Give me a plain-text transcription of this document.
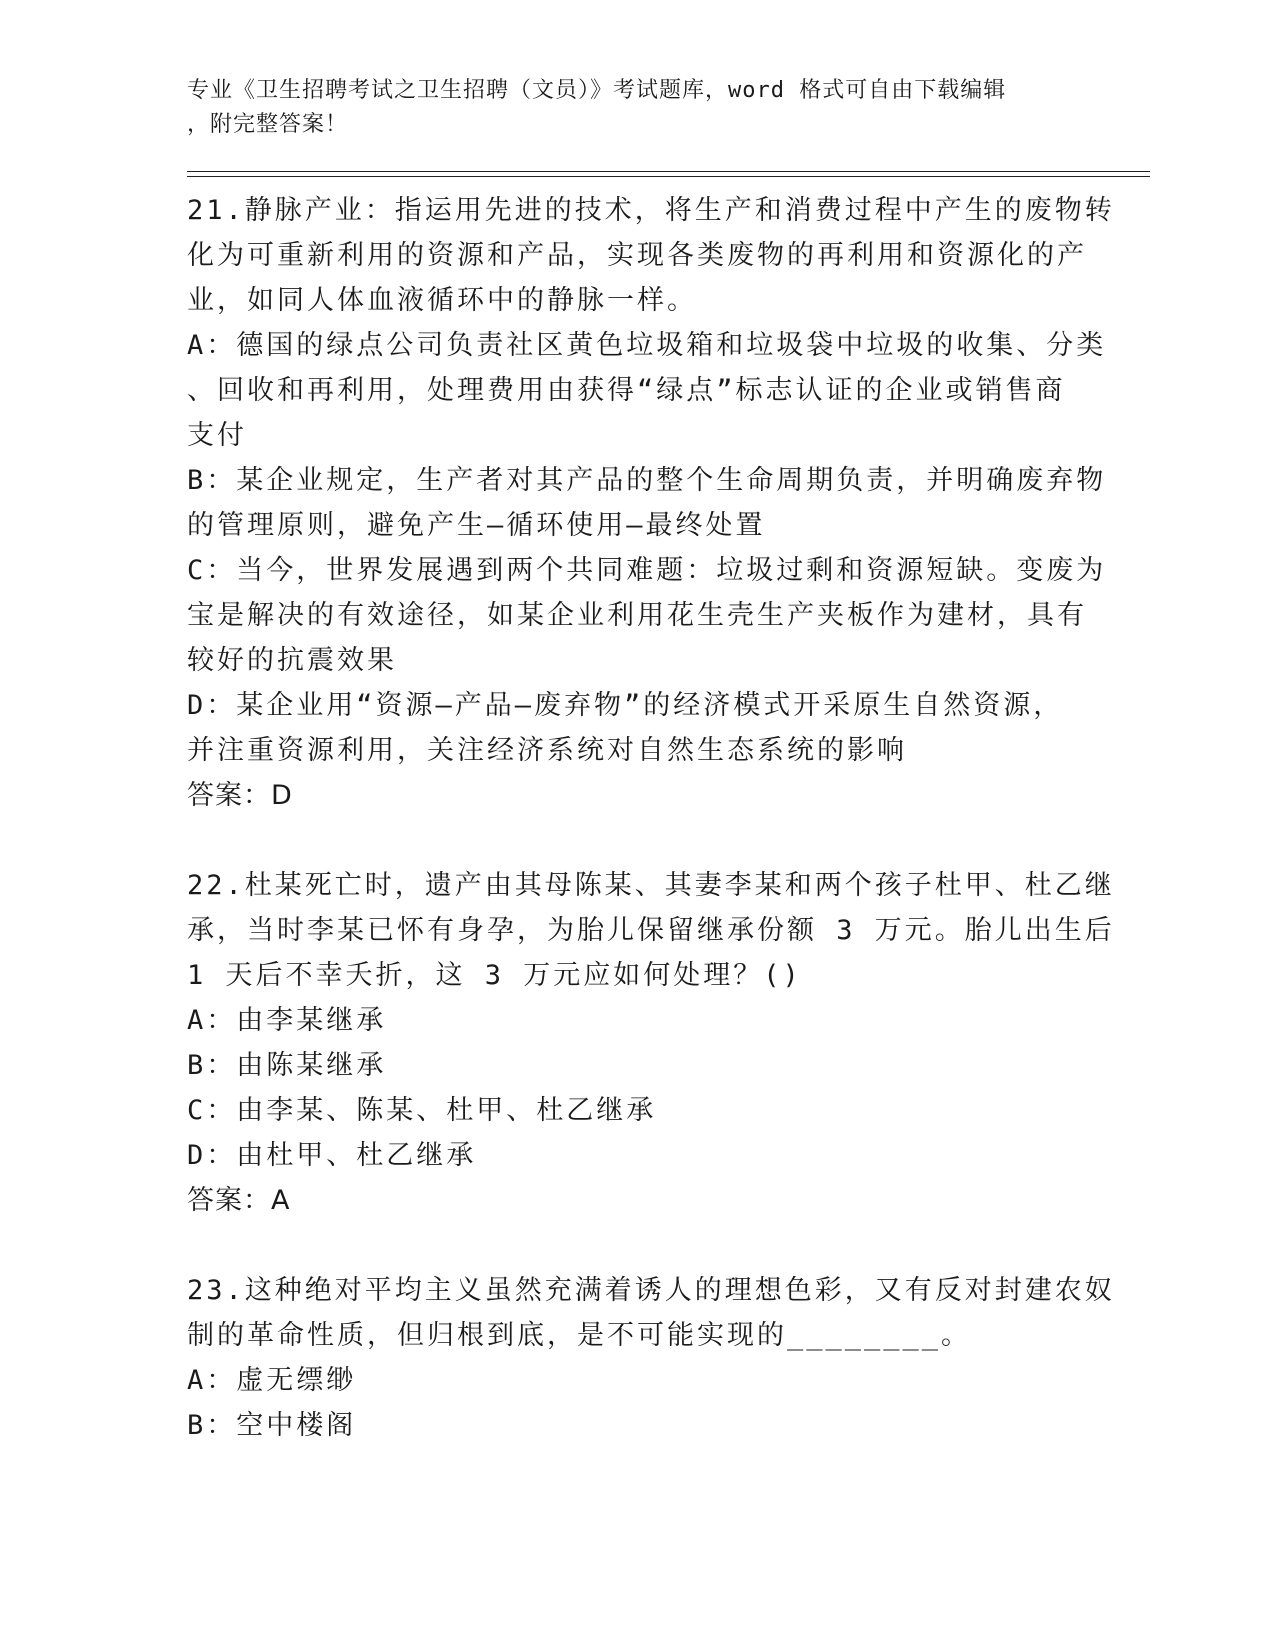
专业《卫生招聘考试之卫生招聘（文员）》考试题库，word 格式可自由下载编辑
，附完整答案！
21.静脉产业：指运用先进的技术，将生产和消费过程中产生的废物转
化为可重新利用的资源和产品，实现各类废物的再利用和资源化的产
业，如同人体血液循环中的静脉一样。
A：德国的绿点公司负责社区黄色垃圾箱和垃圾袋中垃圾的收集、分类
、回收和再利用，处理费用由获得“绿点”标志认证的企业或销售商
支付
B：某企业规定，生产者对其产品的整个生命周期负责，并明确废弃物
的管理原则，避免产生—循环使用—最终处置
C：当今，世界发展遇到两个共同难题：垃圾过剩和资源短缺。变废为
宝是解决的有效途径，如某企业利用花生壳生产夹板作为建材，具有
较好的抗震效果
D：某企业用“资源—产品—废弃物”的经济模式开采原生自然资源，
并注重资源利用，关注经济系统对自然生态系统的影响
答案：D
22.杜某死亡时，遗产由其母陈某、其妻李某和两个孩子杜甲、杜乙继
承，当时李某已怀有身孕，为胎儿保留继承份额 3 万元。胎儿出生后
1 天后不幸夭折，这 3 万元应如何处理？()
A：由李某继承
B：由陈某继承
C：由李某、陈某、杜甲、杜乙继承
D：由杜甲、杜乙继承
答案：A
23.这种绝对平均主义虽然充满着诱人的理想色彩，又有反对封建农奴
制的革命性质，但归根到底，是不可能实现的________。
A：虚无缥缈
B：空中楼阁
